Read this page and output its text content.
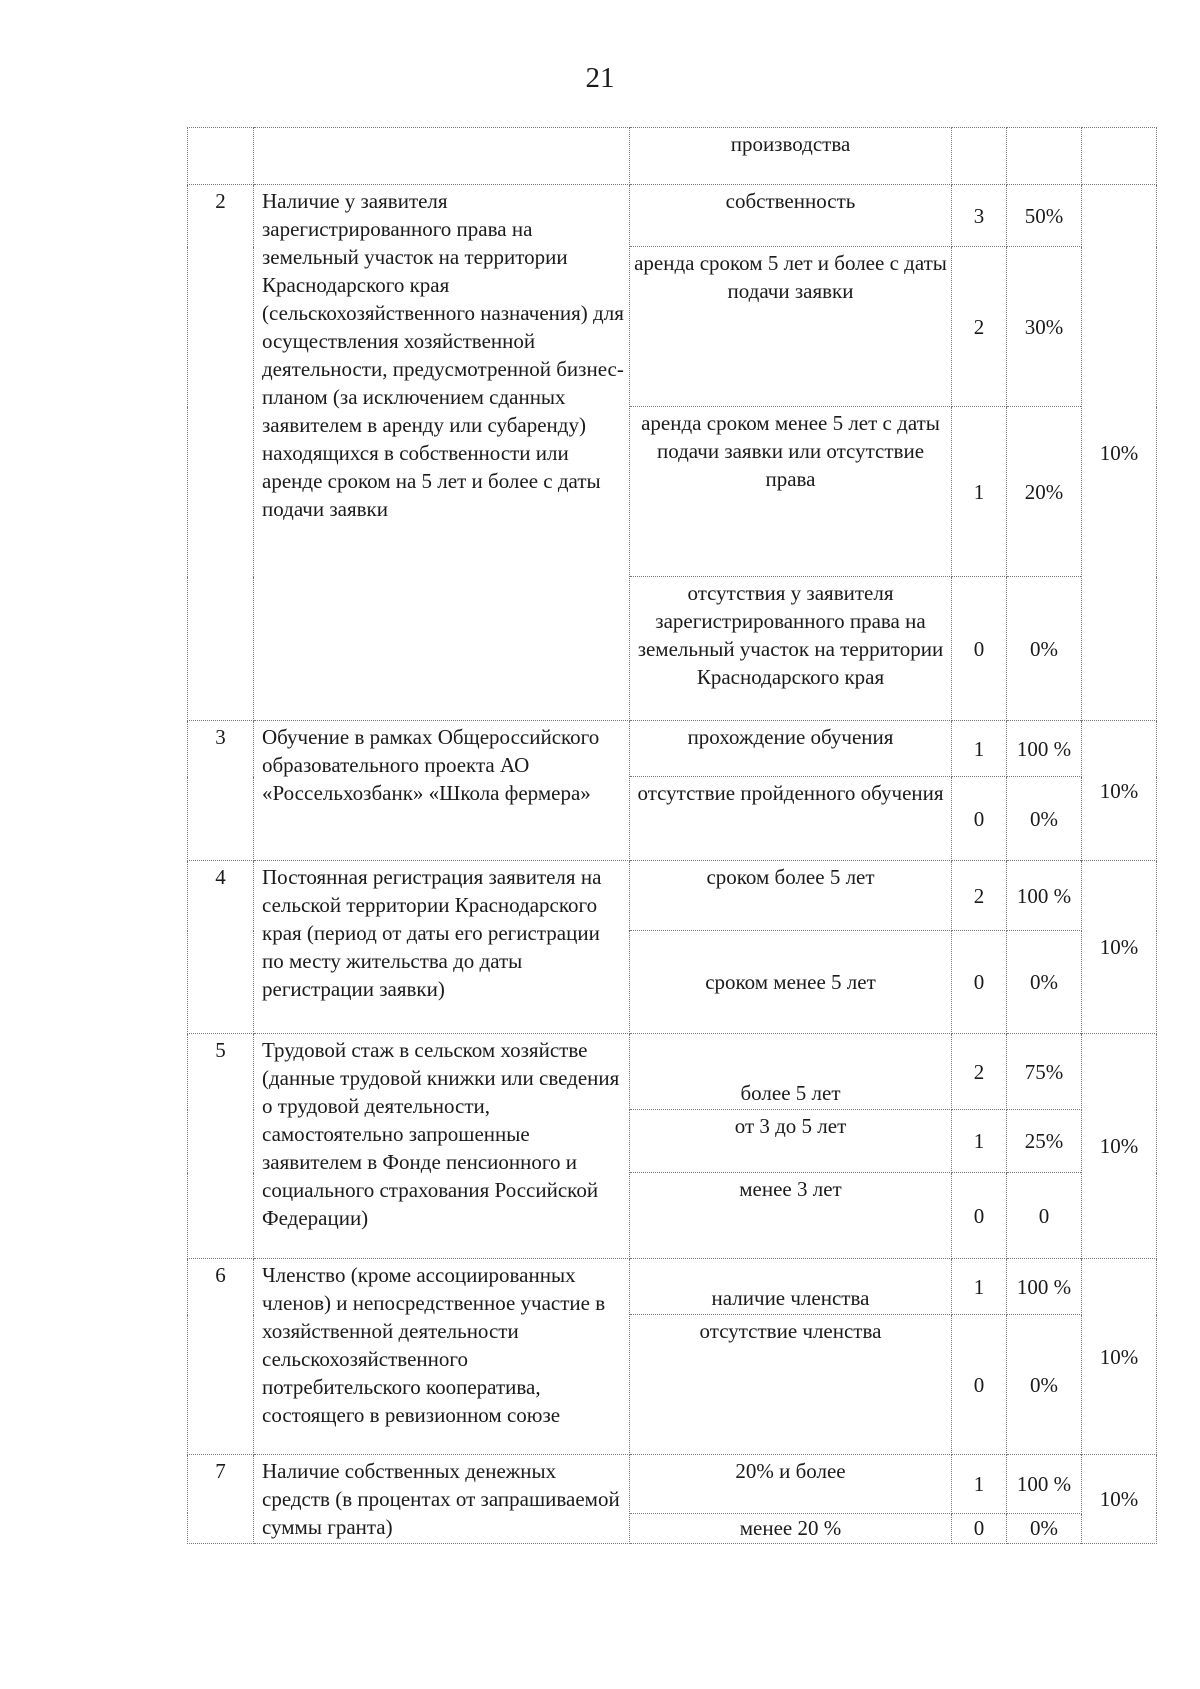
21
		производства			
2	Наличие у заявителя зарегистрированного права на земельный участок на территории Краснодарского края (сельскохозяйственного назначения) для осуществления хозяйственной деятельности, предусмотренной бизнес-планом (за исключением сданных заявителем в аренду или субаренду) находящихся в собственности или аренде сроком на 5 лет и более с даты подачи заявки	собственность	3	50%	10%
		аренда сроком 5 лет и более с даты подачи заявки	2	30%	
		аренда сроком менее 5 лет с даты подачи заявки или отсутствие права	1	20%	
		отсутствия у заявителя зарегистрированного права на земельный участок на территории Краснодарского края	0	0%	
3	Обучение в рамках Общероссийского образовательного проекта АО «Россельхозбанк» «Школа фермера»	прохождение обучения	1	100 %	10%
		отсутствие пройденного обучения	0	0%	
4	Постоянная регистрация заявителя на сельской территории Краснодарского края (период от даты его регистрации по месту жительства до даты регистрации заявки)	сроком более 5 лет	2	100 %	10%
		сроком менее 5 лет	0	0%	
5	Трудовой стаж в сельском хозяйстве (данные трудовой книжки или сведения о трудовой деятельности, самостоятельно запрошенные заявителем в Фонде пенсионного и социального страхования Российской Федерации)	более 5 лет	2	75%	10%
		от 3 до 5 лет	1	25%	
		менее 3 лет	0	0	
6	Членство (кроме ассоциированных членов) и непосредственное участие в хозяйственной деятельности сельскохозяйственного потребительского кооператива, состоящего в ревизионном союзе	наличие членства	1	100 %	10%
		отсутствие членства	0	0%	
7	Наличие собственных денежных средств (в процентах от запрашиваемой суммы гранта)	20% и более	1	100 %	10%
		менее 20 %	0	0%	
